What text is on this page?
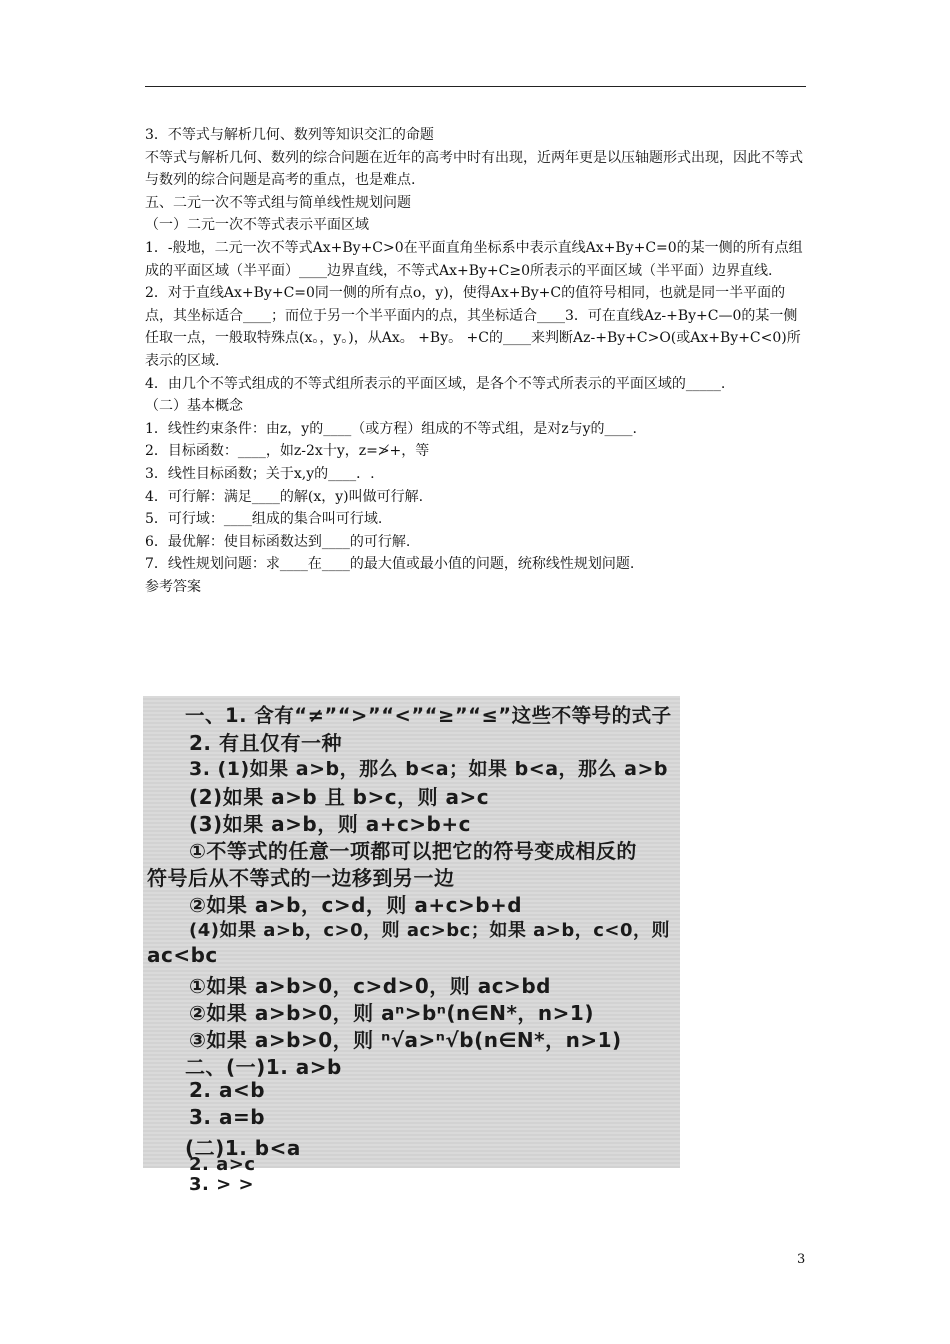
3．不等式与解析几何、数列等知识交汇的命题

不等式与解析几何、数列的综合问题在近年的高考中时有出现，近两年更是以压轴题形式出现，因此不等式与数列的综合问题是高考的重点，也是难点.

五、二元一次不等式组与简单线性规划问题

（一）二元一次不等式表示平面区域

1．-般地，二元一次不等式Ax+By+C>0在平面直角坐标系中表示直线Ax+By+C=0的某一侧的所有点组成的平面区域（半平面）____边界直线，不等式Ax+By+C≥0所表示的平面区域（半平面）边界直线.

2．对于直线Ax+By+C=0同一侧的所有点o，y)，使得Ax+By+C的值符号相同，也就是同一半平面的点，其坐标适合____；而位于另一个半平面内的点，其坐标适合____3．可在直线Az-+By+C—0的某一侧任取一点，一般取特殊点(x。，y。)，从Ax。 +By。 +C的____来判断Az-+By+C>O(或Ax+By+C<0)所表示的区域.

4．由几个不等式组成的不等式组所表示的平面区域，是各个不等式所表示的平面区域的_____.

（二）基本概念

1．线性约束条件：由z，y的____（或方程）组成的不等式组，是对z与y的____.

2．目标函数：____，如z-2x十y，z=≯+，等

3．线性目标函数；关于x,y的____．.

4．可行解：满足____的解(x，y)叫做可行解.

5．可行域：____组成的集合叫可行域.

6．最优解：使目标函数达到____的可行解.

7．线性规划问题：求____在____的最大值或最小值的问题，统称线性规划问题.

参考答案

一、1. 含有“≠”“>”“<”“≥”“≤”这些不等号的式子
2. 有且仅有一种
3. (1)如果 a>b，那么 b<a；如果 b<a，那么 a>b
(2)如果 a>b 且 b>c，则 a>c
(3)如果 a>b，则 a+c>b+c
①不等式的任意一项都可以把它的符号变成相反的
符号后从不等式的一边移到另一边
②如果 a>b，c>d，则 a+c>b+d
(4)如果 a>b，c>0，则 ac>bc；如果 a>b，c<0，则
ac<bc
①如果 a>b>0，c>d>0，则 ac>bd
②如果 a>b>0，则 aⁿ>bⁿ(n∈N*，n>1)
③如果 a>b>0，则 ⁿ√a>ⁿ√b(n∈N*，n>1)
二、(一)1. a>b
2. a<b
3. a=b
(二)1. b<a
2. a>c
3. > >
3
